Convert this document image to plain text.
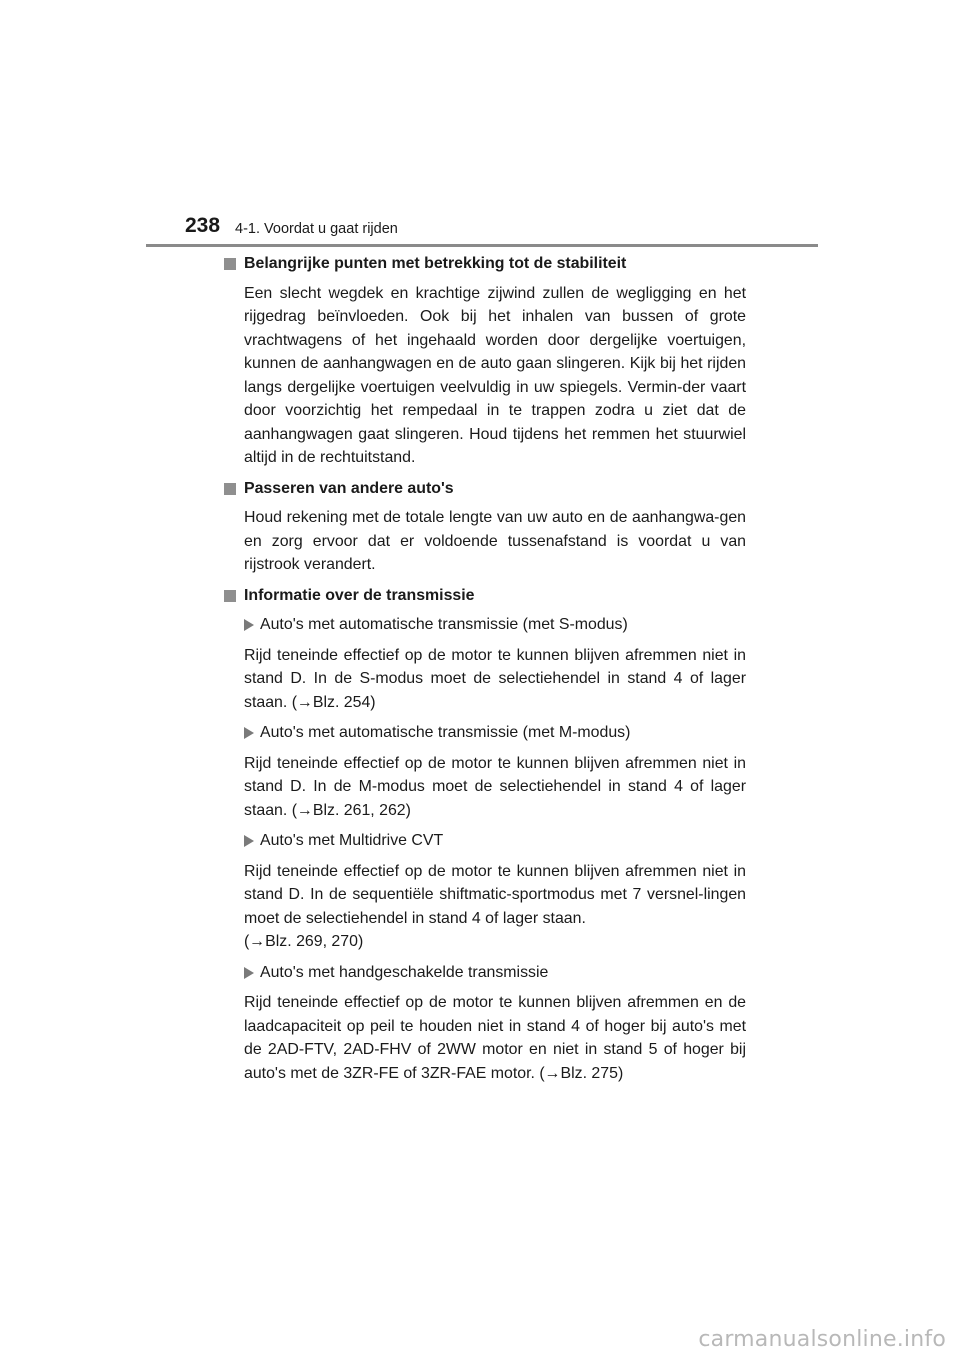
238 4-1. Voordat u gaat rijden
Belangrijke punten met betrekking tot de stabiliteit

Een slecht wegdek en krachtige zijwind zullen de wegligging en het rijgedrag beïnvloeden. Ook bij het inhalen van bussen of grote vrachtwagens of het ingehaald worden door dergelijke voertuigen, kunnen de aanhangwagen en de auto gaan slingeren. Kijk bij het rijden langs dergelijke voertuigen veelvuldig in uw spiegels. Vermin-der vaart door voorzichtig het rempedaal in te trappen zodra u ziet dat de aanhangwagen gaat slingeren. Houd tijdens het remmen het stuurwiel altijd in de rechtuitstand.

Passeren van andere auto's

Houd rekening met de totale lengte van uw auto en de aanhangwa-gen en zorg ervoor dat er voldoende tussenafstand is voordat u van rijstrook verandert.

Informatie over de transmissie
Auto's met automatische transmissie (met S-modus)

Rijd teneinde effectief op de motor te kunnen blijven afremmen niet in stand D. In de S-modus moet de selectiehendel in stand 4 of lager staan. (→Blz. 254)

Auto's met automatische transmissie (met M-modus)

Rijd teneinde effectief op de motor te kunnen blijven afremmen niet in stand D. In de M-modus moet de selectiehendel in stand 4 of lager staan. (→Blz. 261, 262)

Auto's met Multidrive CVT

Rijd teneinde effectief op de motor te kunnen blijven afremmen niet in stand D. In de sequentiële shiftmatic-sportmodus met 7 versnel-lingen moet de selectiehendel in stand 4 of lager staan.

(→Blz. 269, 270)

Auto's met handgeschakelde transmissie

Rijd teneinde effectief op de motor te kunnen blijven afremmen en de laadcapaciteit op peil te houden niet in stand 4 of hoger bij auto's met de 2AD-FTV, 2AD-FHV of 2WW motor en niet in stand 5 of hoger bij auto's met de 3ZR-FE of 3ZR-FAE motor. (→Blz. 275)

carmanualsonline.info
